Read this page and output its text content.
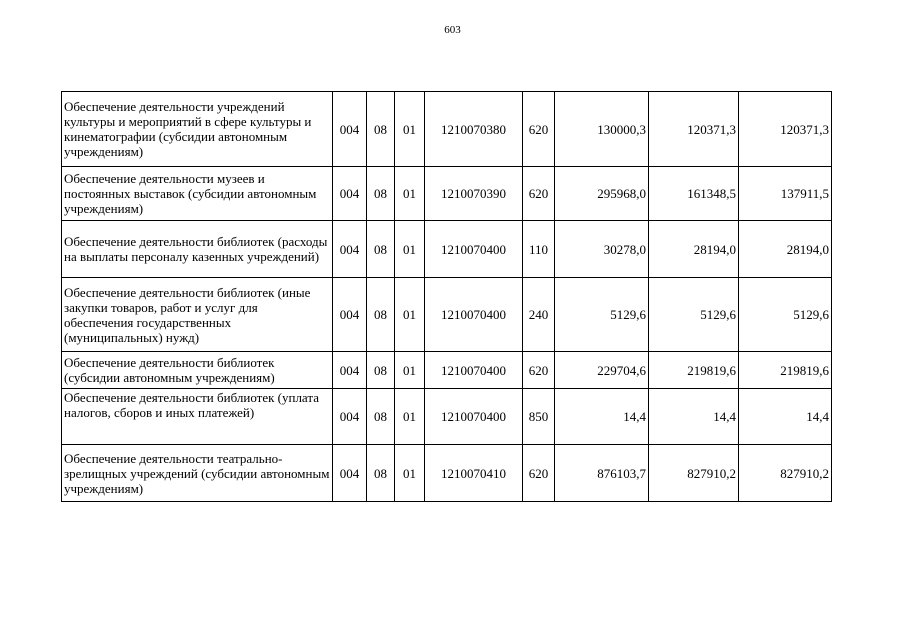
603
Обеспечение деятельности учреждений культуры и мероприятий в сфере культуры и кинематографии (субсидии автономным учреждениям)	004	08	01	1210070380	620	130000,3	120371,3	120371,3
Обеспечение деятельности музеев и постоянных выставок (субсидии автономным учреждениям)	004	08	01	1210070390	620	295968,0	161348,5	137911,5
Обеспечение деятельности библиотек (расходы на выплаты персоналу казенных учреждений)	004	08	01	1210070400	110	30278,0	28194,0	28194,0
Обеспечение деятельности библиотек (иные закупки товаров, работ и услуг для обеспечения государственных (муниципальных) нужд)	004	08	01	1210070400	240	5129,6	5129,6	5129,6
Обеспечение деятельности библиотек (субсидии автономным учреждениям)	004	08	01	1210070400	620	229704,6	219819,6	219819,6
Обеспечение деятельности библиотек (уплата налогов, сборов и иных платежей)	004	08	01	1210070400	850	14,4	14,4	14,4
Обеспечение деятельности театрально-зрелищных учреждений (субсидии автономным учреждениям)	004	08	01	1210070410	620	876103,7	827910,2	827910,2
